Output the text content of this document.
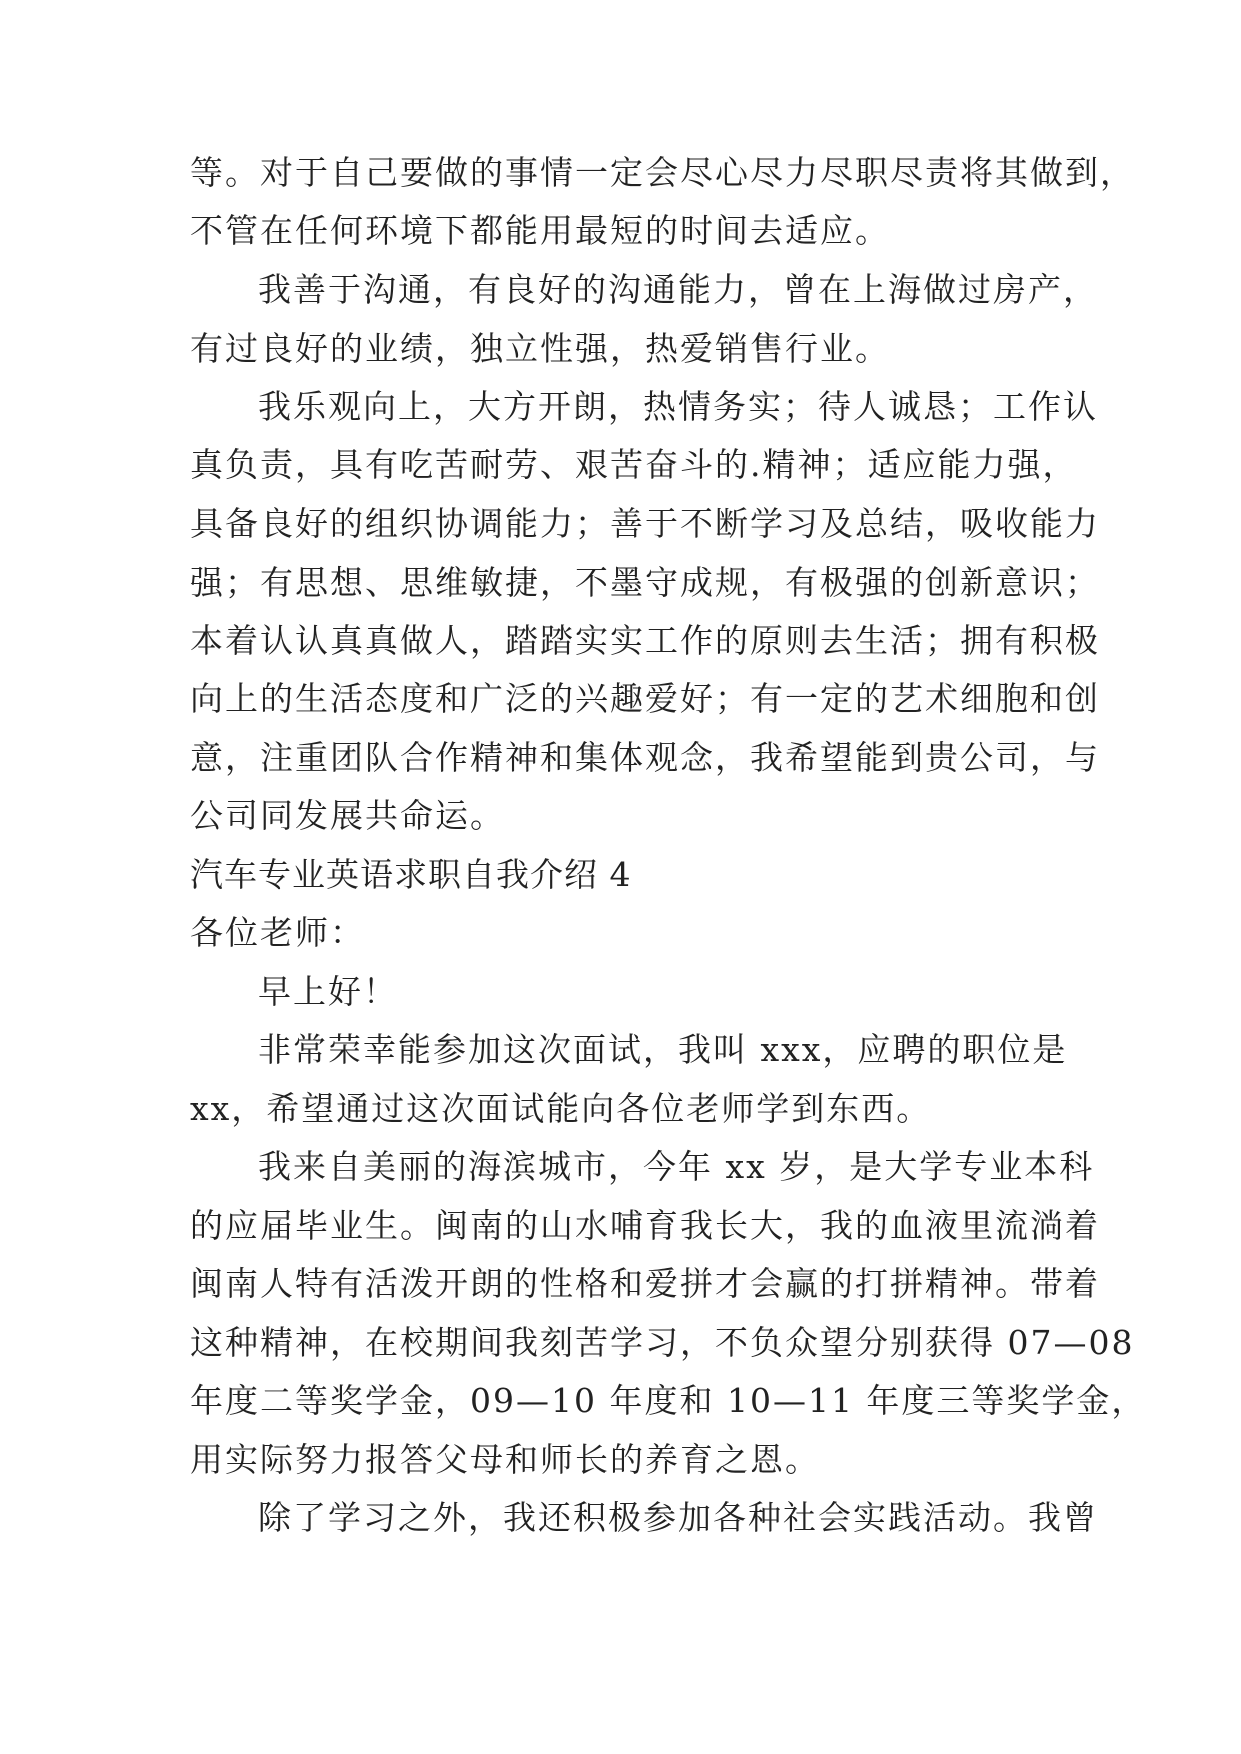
等。对于自己要做的事情一定会尽心尽力尽职尽责将其做到，
不管在任何环境下都能用最短的时间去适应。
我善于沟通，有良好的沟通能力，曾在上海做过房产，
有过良好的业绩，独立性强，热爱销售行业。
我乐观向上，大方开朗，热情务实；待人诚恳；工作认
真负责，具有吃苦耐劳、艰苦奋斗的.精神；适应能力强，
具备良好的组织协调能力；善于不断学习及总结，吸收能力
强；有思想、思维敏捷，不墨守成规，有极强的创新意识；
本着认认真真做人，踏踏实实工作的原则去生活；拥有积极
向上的生活态度和广泛的兴趣爱好；有一定的艺术细胞和创
意，注重团队合作精神和集体观念，我希望能到贵公司，与
公司同发展共命运。
汽车专业英语求职自我介绍 4
各位老师：
早上好！
非常荣幸能参加这次面试，我叫 xxx，应聘的职位是
xx，希望通过这次面试能向各位老师学到东西。
我来自美丽的海滨城市，今年 xx 岁，是大学专业本科
的应届毕业生。闽南的山水哺育我长大，我的血液里流淌着
闽南人特有活泼开朗的性格和爱拼才会赢的打拼精神。带着
这种精神，在校期间我刻苦学习，不负众望分别获得 07—08
年度二等奖学金，09—10 年度和 10—11 年度三等奖学金，
用实际努力报答父母和师长的养育之恩。
除了学习之外，我还积极参加各种社会实践活动。我曾
